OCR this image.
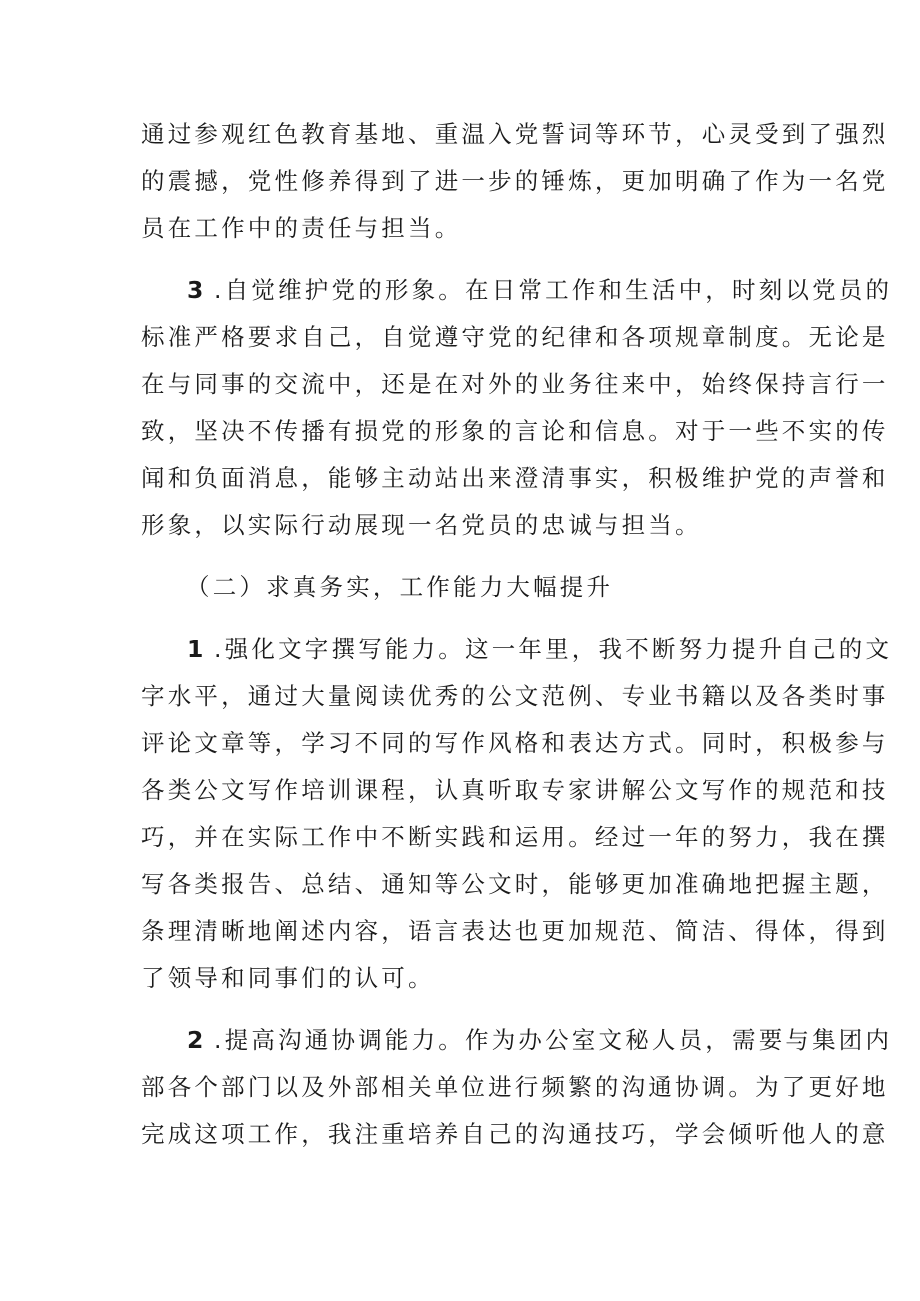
通过参观红色教育基地、重温入党誓词等环节，心灵受到了强烈
的震撼，党性修养得到了进一步的锤炼，更加明确了作为一名党
员在工作中的责任与担当。
3 .自觉维护党的形象。在日常工作和生活中，时刻以党员的
标准严格要求自己，自觉遵守党的纪律和各项规章制度。无论是
在与同事的交流中，还是在对外的业务往来中，始终保持言行一
致，坚决不传播有损党的形象的言论和信息。对于一些不实的传
闻和负面消息，能够主动站出来澄清事实，积极维护党的声誉和
形象，以实际行动展现一名党员的忠诚与担当。
（二）求真务实，工作能力大幅提升
1 .强化文字撰写能力。这一年里，我不断努力提升自己的文
字水平，通过大量阅读优秀的公文范例、专业书籍以及各类时事
评论文章等，学习不同的写作风格和表达方式。同时，积极参与
各类公文写作培训课程，认真听取专家讲解公文写作的规范和技
巧，并在实际工作中不断实践和运用。经过一年的努力，我在撰
写各类报告、总结、通知等公文时，能够更加准确地把握主题，
条理清晰地阐述内容，语言表达也更加规范、简洁、得体，得到
了领导和同事们的认可。
2 .提高沟通协调能力。作为办公室文秘人员，需要与集团内
部各个部门以及外部相关单位进行频繁的沟通协调。为了更好地
完成这项工作，我注重培养自己的沟通技巧，学会倾听他人的意
